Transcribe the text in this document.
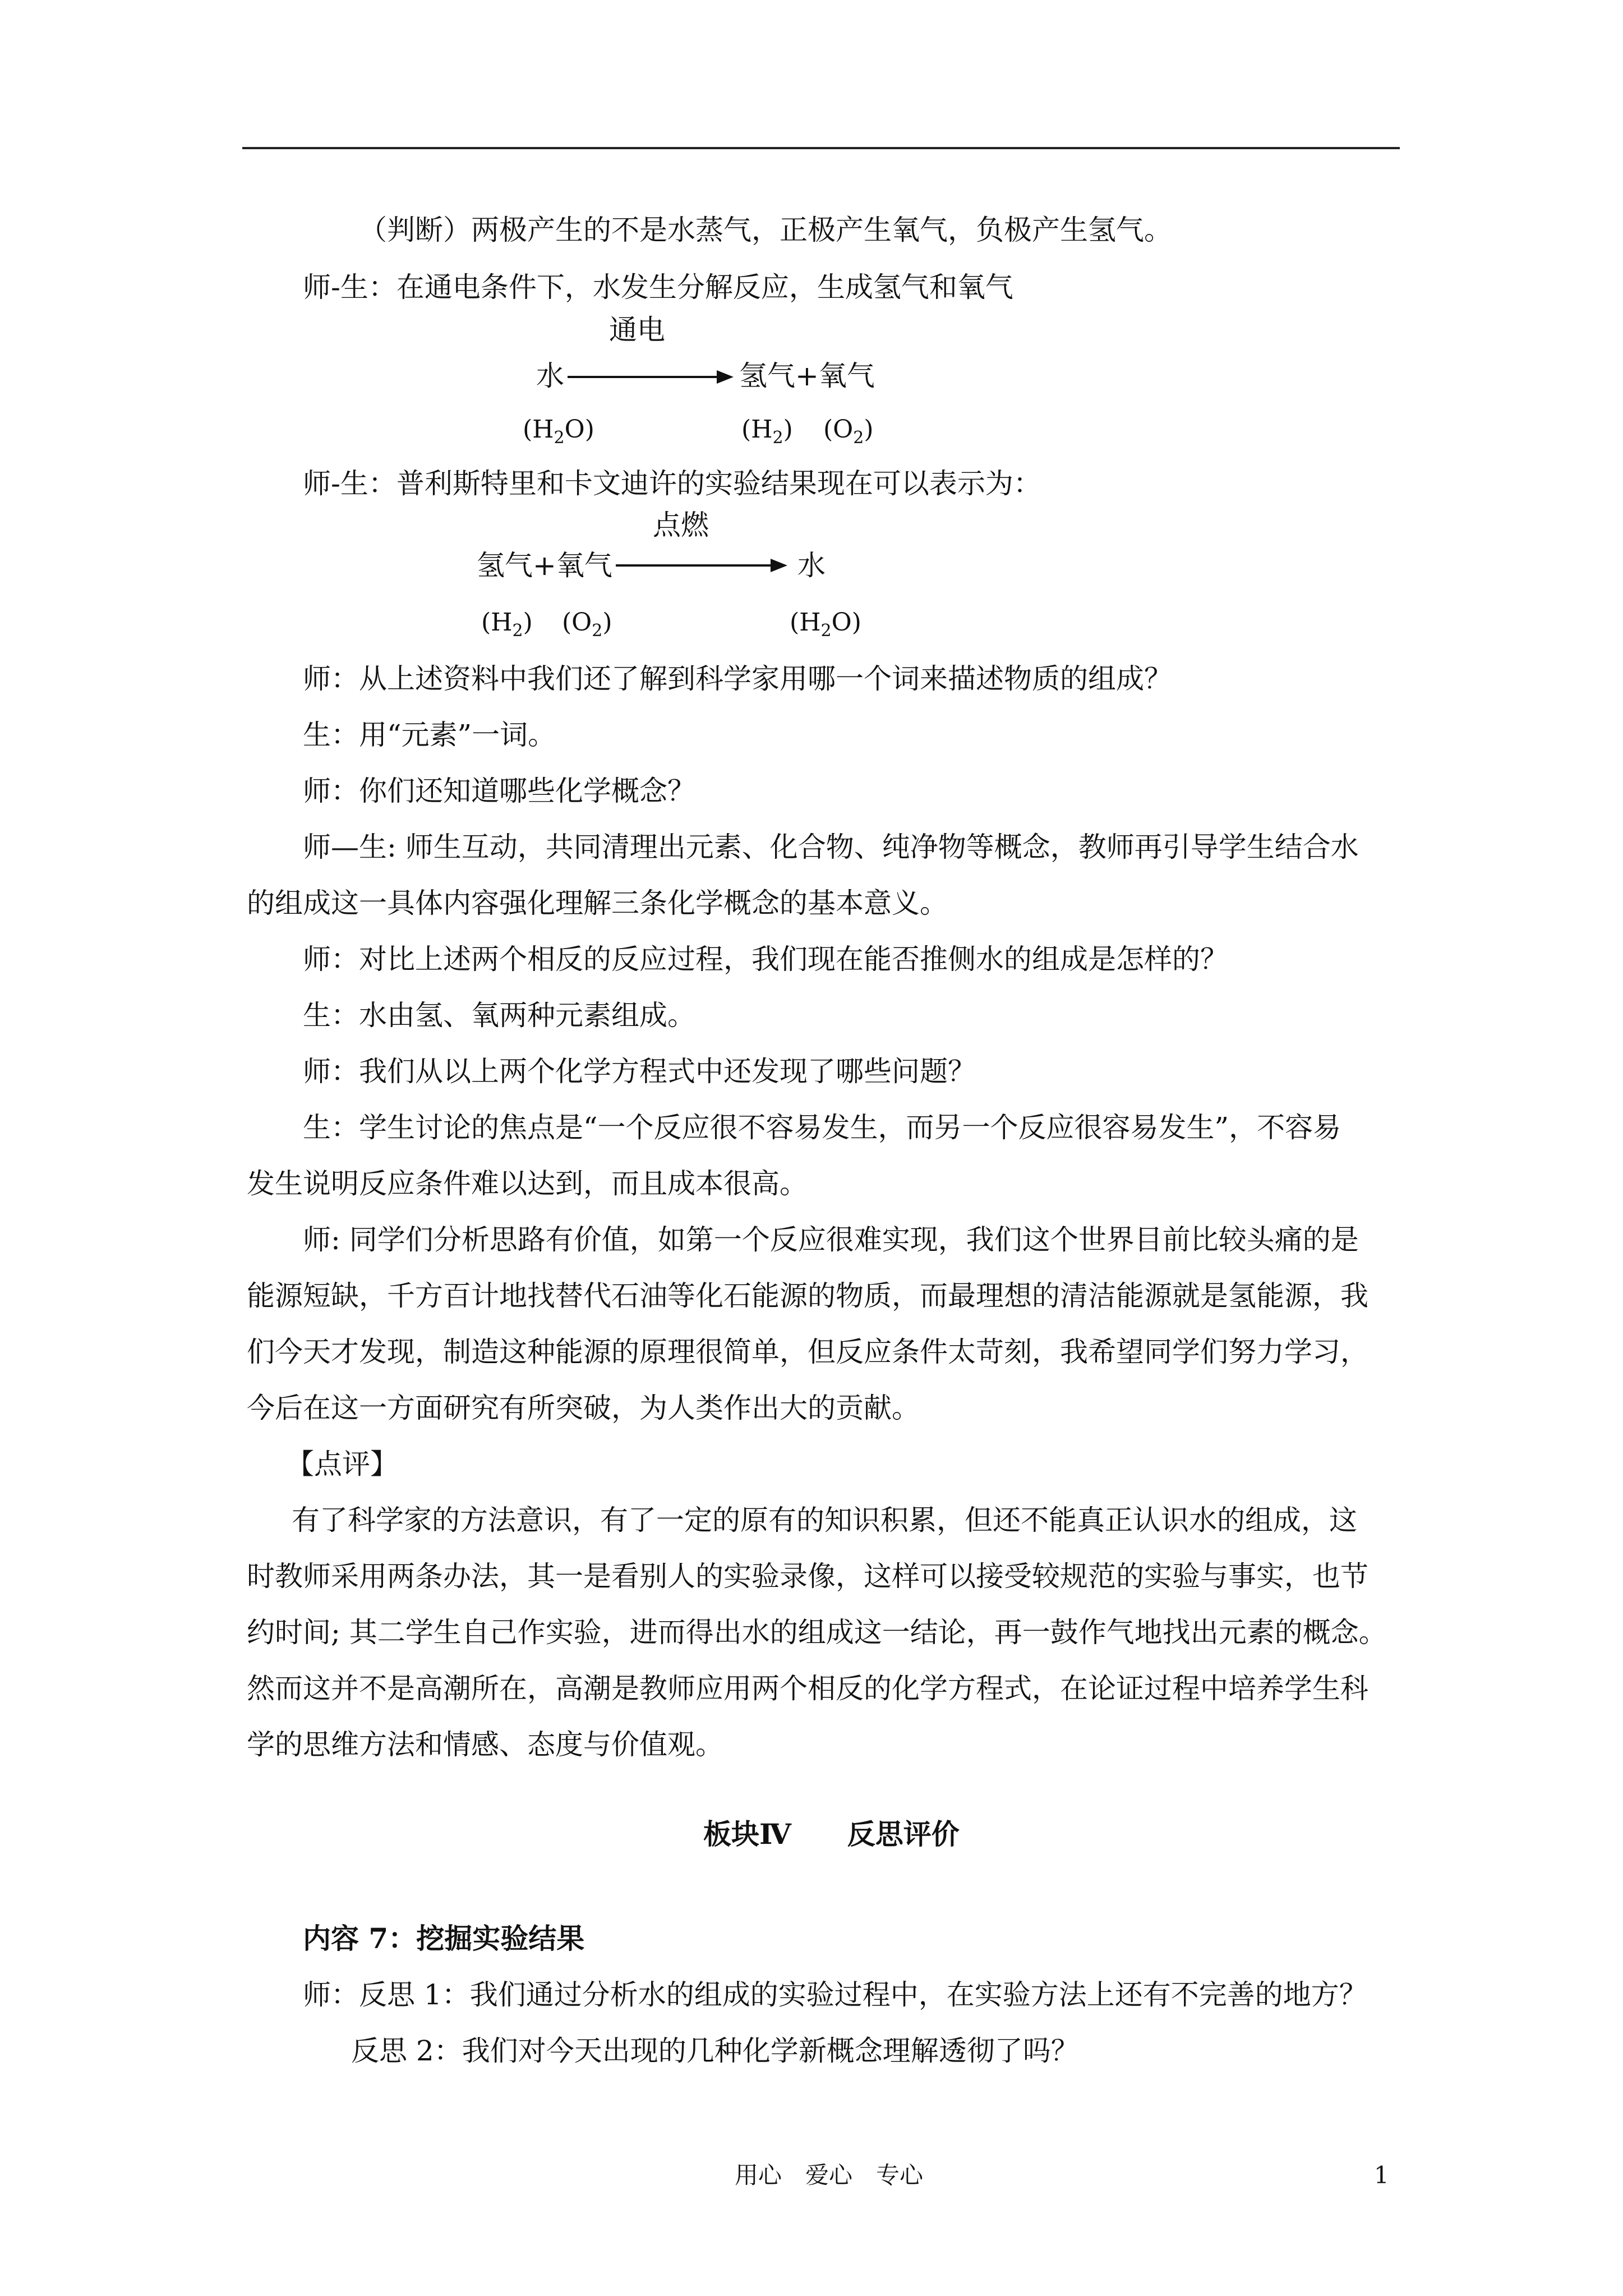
（判断）两极产生的不是水蒸气，正极产生氧气，负极产生氢气。
师-生：在通电条件下，水发生分解反应，生成氢气和氧气
通电
水	氢气+氧气
$(H_2O)$	$(H_2)$ $(O_2)$
师-生：普利斯特里和卡文迪许的实验结果现在可以表示为：
点燃
氢气+氧气	水
$(H_2)$ $(O_2)$	$(H_2O)$
师：从上述资料中我们还了解到科学家用哪一个词来描述物质的组成？
生：用“元素”一词。
师：你们还知道哪些化学概念？
师—生: 师生互动，共同清理出元素、化合物、纯净物等概念，教师再引导学生结合水
的组成这一具体内容强化理解三条化学概念的基本意义。
师：对比上述两个相反的反应过程，我们现在能否推侧水的组成是怎样的？
生：水由氢、氧两种元素组成。
师：我们从以上两个化学方程式中还发现了哪些问题？
生：学生讨论的焦点是“一个反应很不容易发生，而另一个反应很容易发生”，不容易
发生说明反应条件难以达到，而且成本很高。
师: 同学们分析思路有价值，如第一个反应很难实现，我们这个世界目前比较头痛的是
能源短缺，千方百计地找替代石油等化石能源的物质，而最理想的清洁能源就是氢能源，我
们今天才发现，制造这种能源的原理很简单，但反应条件太苛刻，我希望同学们努力学习，
今后在这一方面研究有所突破，为人类作出大的贡献。
【点评】
有了科学家的方法意识，有了一定的原有的知识积累，但还不能真正认识水的组成，这
时教师采用两条办法，其一是看别人的实验录像，这样可以接受较规范的实验与事实，也节
约时间; 其二学生自己作实验，进而得出水的组成这一结论，再一鼓作气地找出元素的概念。
然而这并不是高潮所在，高潮是教师应用两个相反的化学方程式，在论证过程中培养学生科
学的思维方法和情感、态度与价值观。
板块Ⅳ　　反思评价
内容 7：挖掘实验结果
师：反思 1：我们通过分析水的组成的实验过程中，在实验方法上还有不完善的地方？
反思 2：我们对今天出现的几种化学新概念理解透彻了吗？
用心　爱心　专心	1
